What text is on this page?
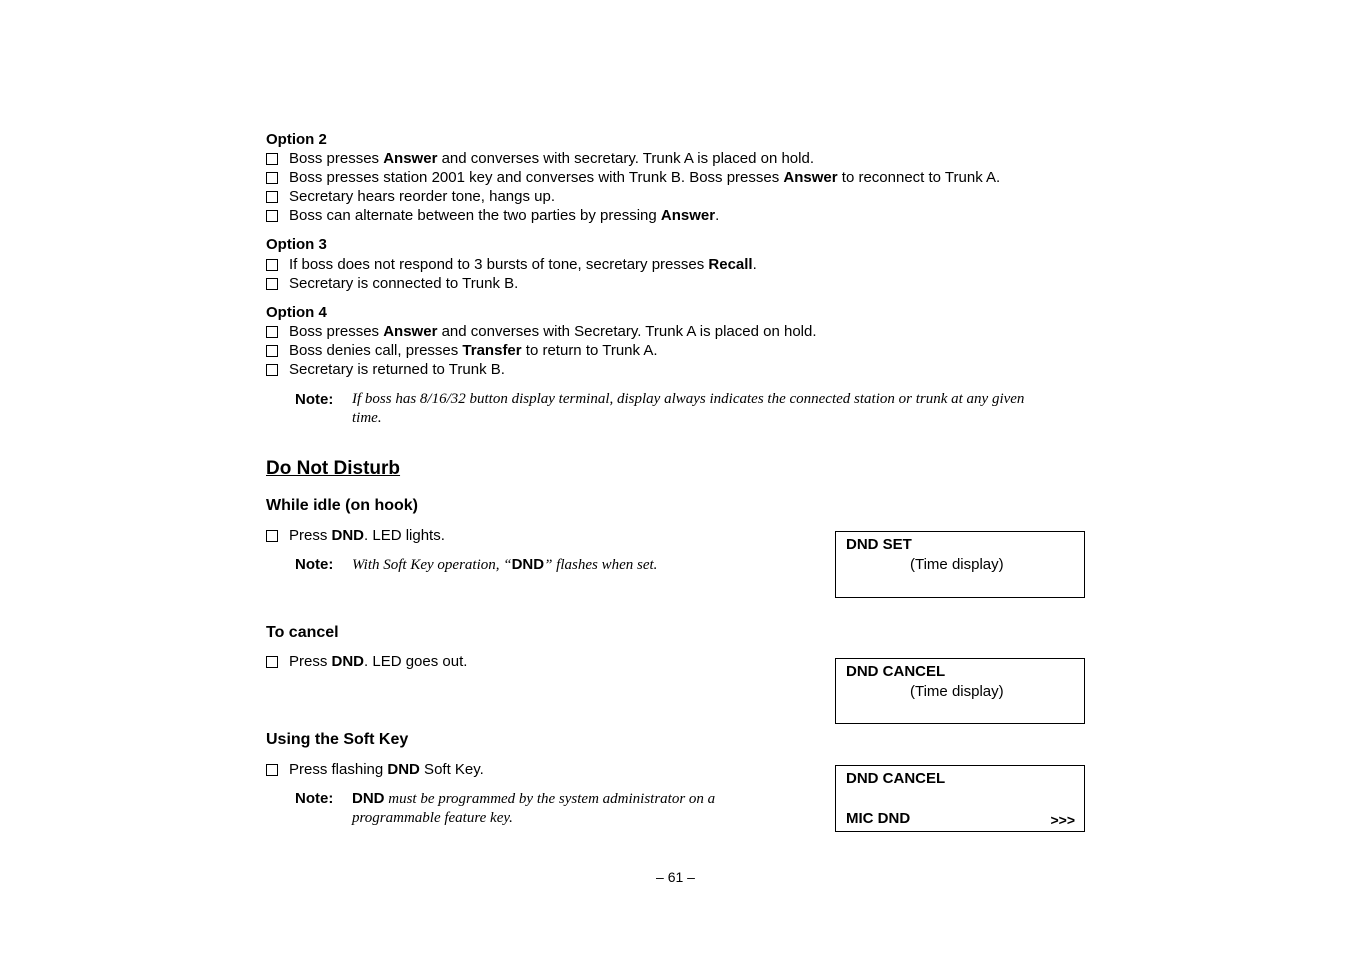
Option 2
Boss presses Answer and converses with secretary. Trunk A is placed on hold.
Boss presses station 2001 key and converses with Trunk B. Boss presses Answer to reconnect to Trunk A.
Secretary hears reorder tone, hangs up.
Boss can alternate between the two parties by pressing Answer.
Option 3
If boss does not respond to 3 bursts of tone, secretary presses Recall.
Secretary is connected to Trunk B.
Option 4
Boss presses Answer and converses with Secretary. Trunk A is placed on hold.
Boss denies call, presses Transfer to return to Trunk A.
Secretary is returned to Trunk B.
Note: If boss has 8/16/32 button display terminal, display always indicates the connected station or trunk at any given
time.
Do Not Disturb
While idle (on hook)
Press DND. LED lights.
Note: With Soft Key operation, “DND” flashes when set.
DND SET
(Time display)
To cancel
Press DND. LED goes out.
DND CANCEL
(Time display)
Using the Soft Key
Press flashing DND Soft Key.
Note: DND must be programmed by the system administrator on a
programmable feature key.
DND CANCEL
MIC DND	>>>
– 61 –
